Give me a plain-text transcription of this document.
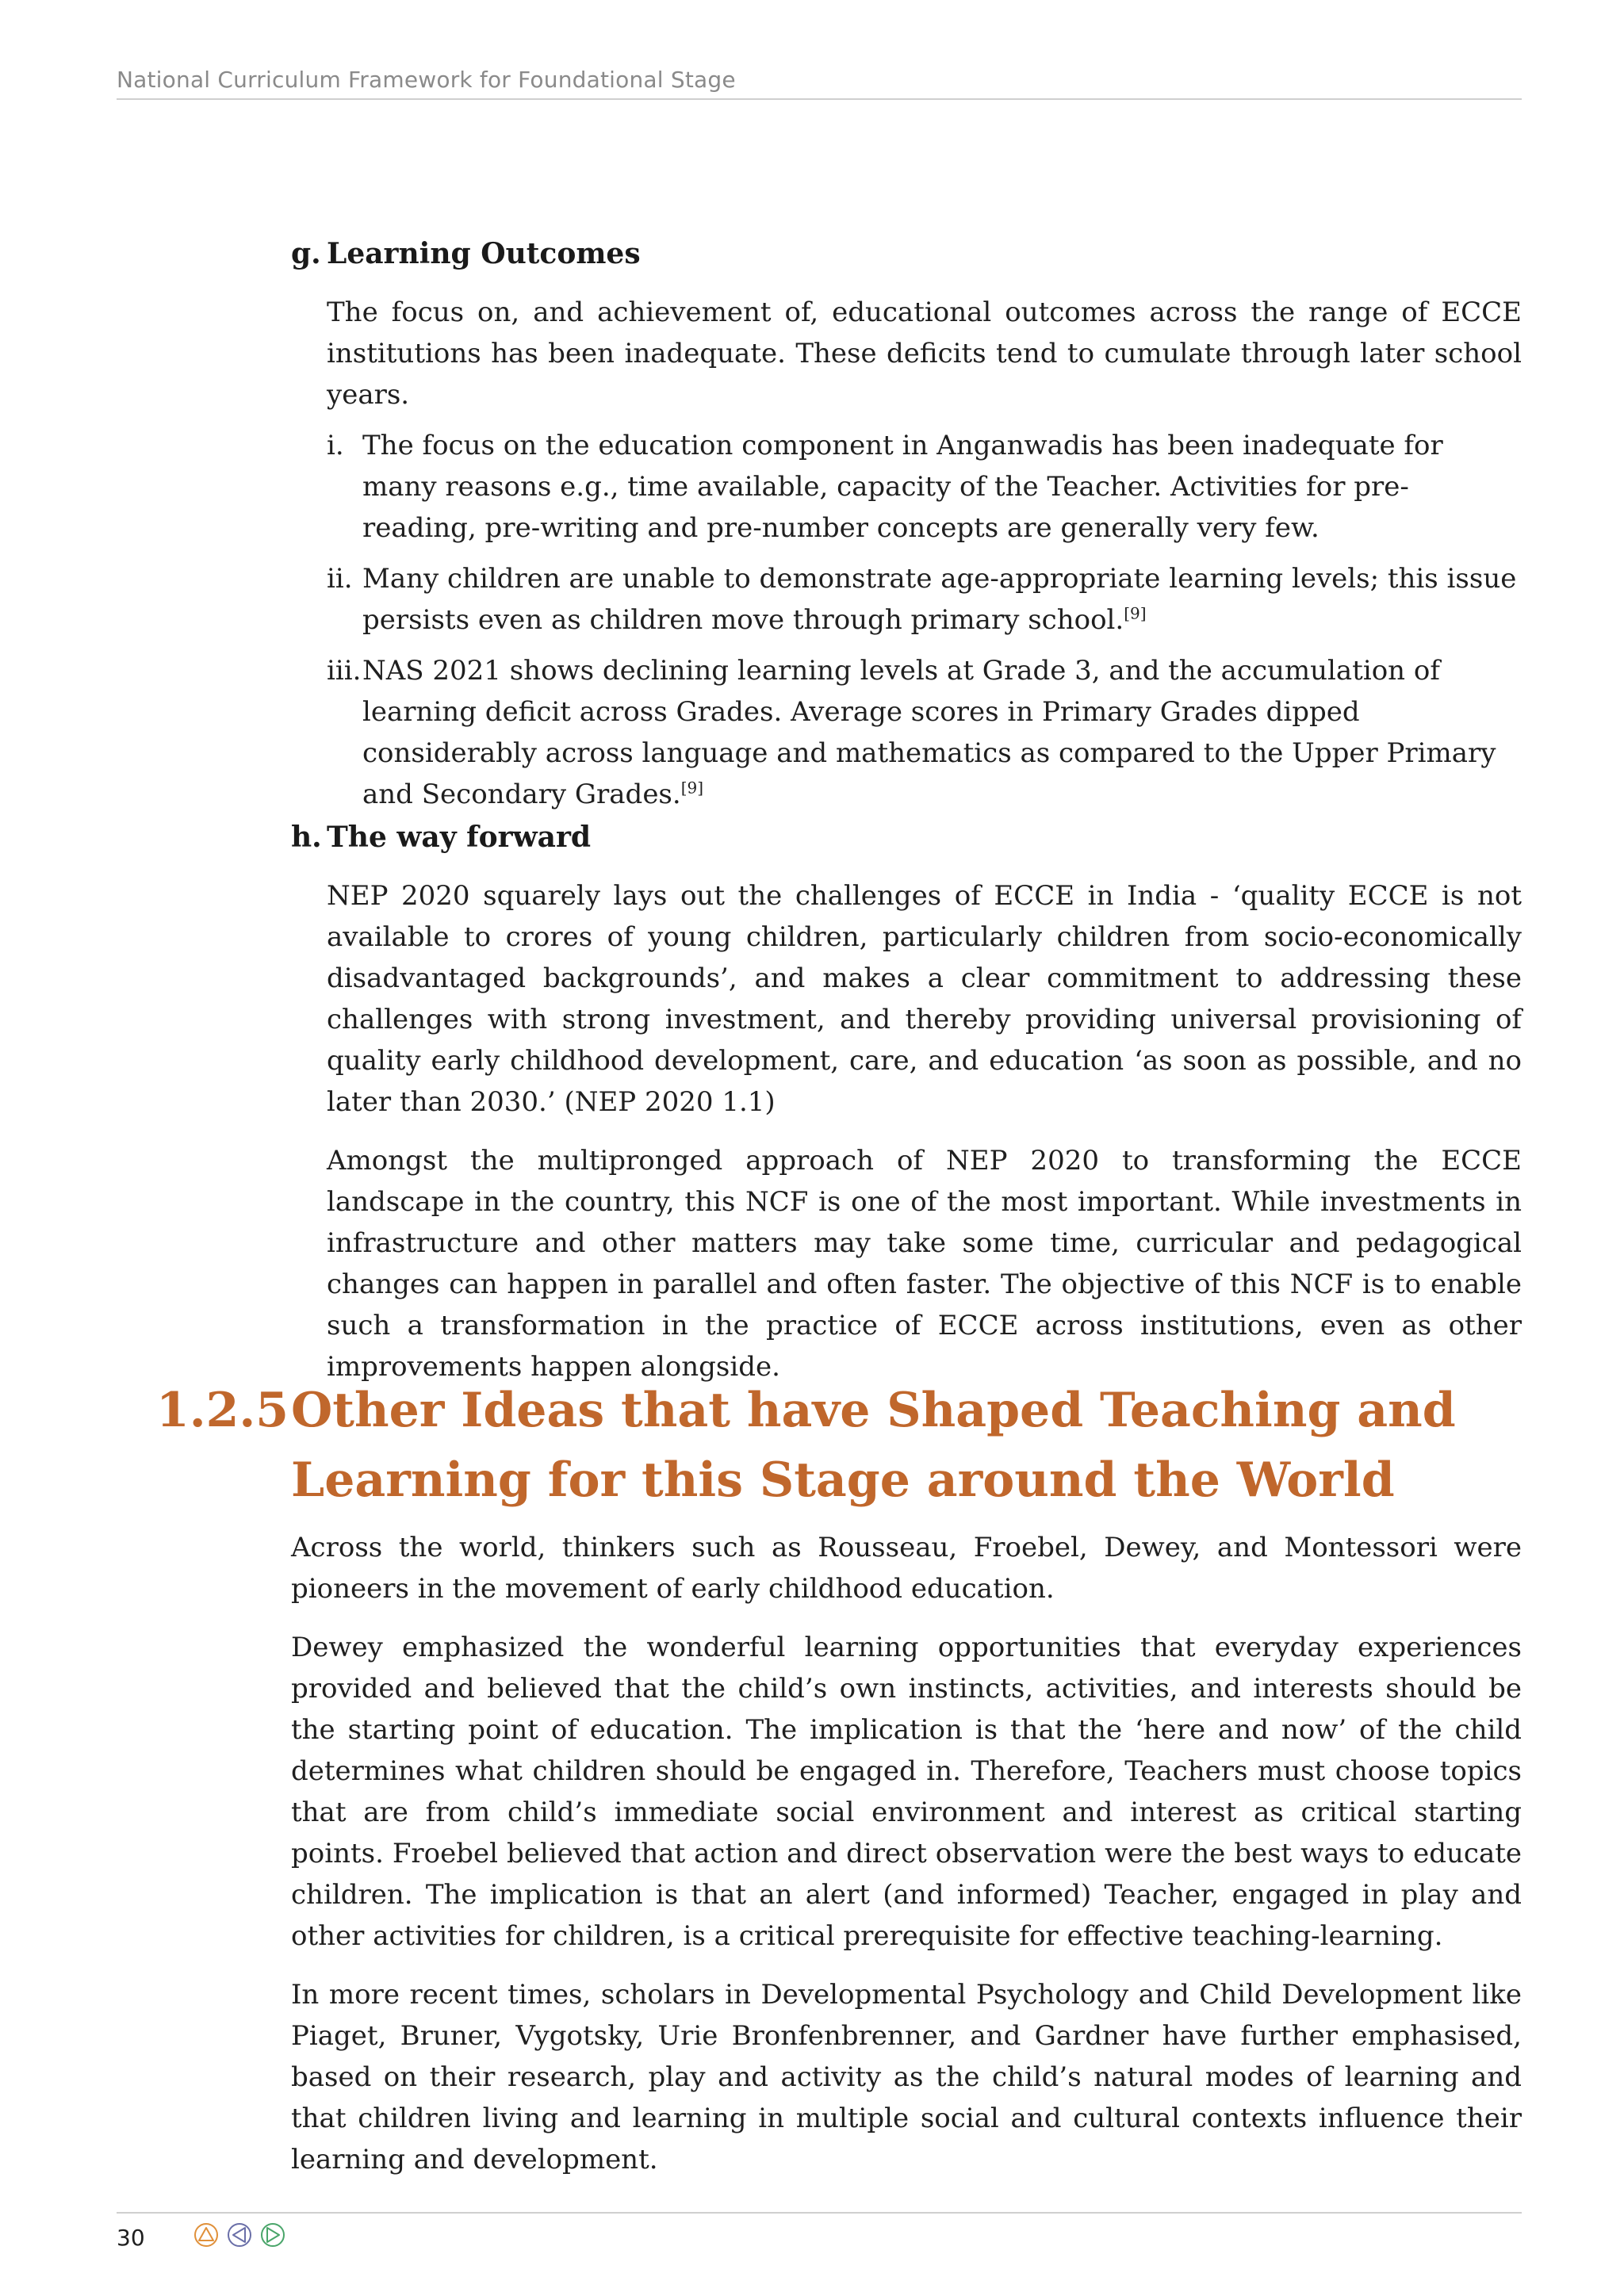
National Curriculum Framework for Foundational Stage
g. Learning Outcomes

The focus on, and achievement of, educational outcomes across the range of ECCE institutions has been inadequate. These deficits tend to cumulate through later school years.

i. The focus on the education component in Anganwadis has been inadequate for many reasons e.g., time available, capacity of the Teacher. Activities for pre-reading, pre-writing and pre-number concepts are generally very few.
ii. Many children are unable to demonstrate age-appropriate learning levels; this issue persists even as children move through primary school.[9]
iii. NAS 2021 shows declining learning levels at Grade 3, and the accumulation of learning deficit across Grades. Average scores in Primary Grades dipped considerably across language and mathematics as compared to the Upper Primary and Secondary Grades.[9]
h. The way forward

NEP 2020 squarely lays out the challenges of ECCE in India - ‘quality ECCE is not available to crores of young children, particularly children from socio-economically disadvantaged backgrounds’, and makes a clear commitment to addressing these challenges with strong investment, and thereby providing universal provisioning of quality early childhood development, care, and education ‘as soon as possible, and no later than 2030.’ (NEP 2020 1.1)

Amongst the multipronged approach of NEP 2020 to transforming the ECCE landscape in the country, this NCF is one of the most important. While investments in infrastructure and other matters may take some time, curricular and pedagogical changes can happen in parallel and often faster. The objective of this NCF is to enable such a transformation in the practice of ECCE across institutions, even as other improvements happen alongside.

1.2.5 Other Ideas that have Shaped Teaching and Learning for this Stage around the World

Across the world, thinkers such as Rousseau, Froebel, Dewey, and Montessori were pioneers in the movement of early childhood education.

Dewey emphasized the wonderful learning opportunities that everyday experiences provided and believed that the child’s own instincts, activities, and interests should be the starting point of education. The implication is that the ‘here and now’ of the child determines what children should be engaged in. Therefore, Teachers must choose topics that are from child’s immediate social environment and interest as critical starting points. Froebel believed that action and direct observation were the best ways to educate children. The implication is that an alert (and informed) Teacher, engaged in play and other activities for children, is a critical prerequisite for effective teaching-learning.

In more recent times, scholars in Developmental Psychology and Child Development like Piaget, Bruner, Vygotsky, Urie Bronfenbrenner, and Gardner have further emphasised, based on their research, play and activity as the child’s natural modes of learning and that children living and learning in multiple social and cultural contexts influence their learning and development.

30
